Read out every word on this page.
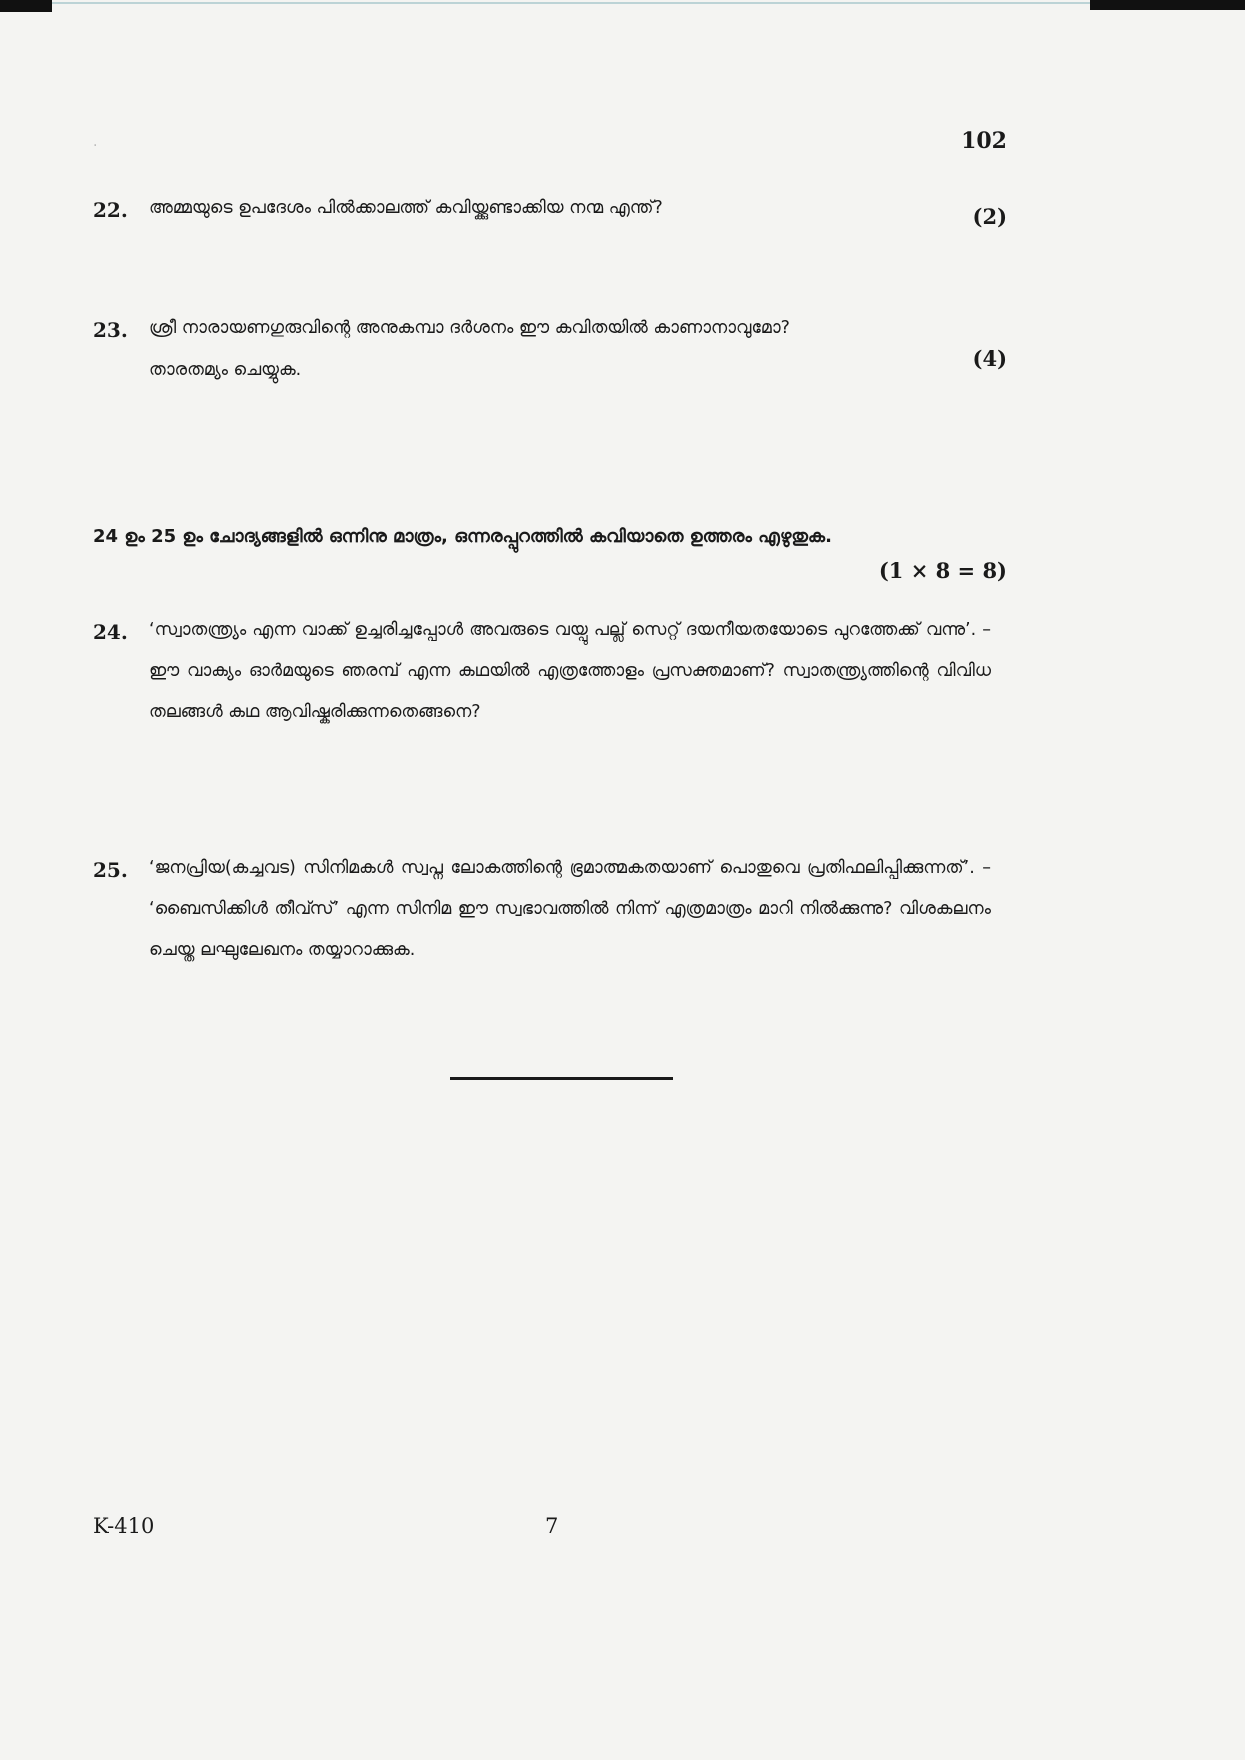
·	102
22. അമ്മയുടെ ഉപദേശം പിൽക്കാലത്ത് കവിയ്ക്കുണ്ടാക്കിയ നന്മ എന്ത്?	(2)
23. ശ്രീ നാരായണഗുരുവിന്റെ അനുകമ്പാ ദർശനം ഈ കവിതയിൽ കാണാനാവുമോ?
താരതമ്യം ചെയ്യുക.	(4)
24 ഉം 25 ഉം ചോദ്യങ്ങളിൽ ഒന്നിനു മാത്രം, ഒന്നരപ്പുറത്തിൽ കവിയാതെ ഉത്തരം എഴുതുക.
(1 × 8 = 8)
24. ‘സ്വാതന്ത്ര്യം എന്ന വാക്ക് ഉച്ചരിച്ചപ്പോൾ അവരുടെ വയ്പു പല്ല് സെറ്റ് ദയനീയതയോടെ പുറത്തേക്ക് വന്നു’. – ഈ വാക്യം ഓർമയുടെ ഞരമ്പ് എന്ന കഥയിൽ എത്രത്തോളം പ്രസക്തമാണ്? സ്വാതന്ത്ര്യത്തിന്റെ വിവിധ തലങ്ങൾ കഥ ആവിഷ്കരിക്കുന്നതെങ്ങനെ?
25. ‘ജനപ്രിയ(കച്ചവട) സിനിമകൾ സ്വപ്ന ലോകത്തിന്റെ ഭ്രമാത്മകതയാണ് പൊതുവെ പ്രതിഫലിപ്പിക്കുന്നത്’. – ‘ബൈസിക്കിൾ തീവ്സ്’ എന്ന സിനിമ ഈ സ്വഭാവത്തിൽ നിന്ന് എത്രമാത്രം മാറി നിൽക്കുന്നു? വിശകലനം ചെയ്ത ലഘുലേഖനം തയ്യാറാക്കുക.
K-410	7
